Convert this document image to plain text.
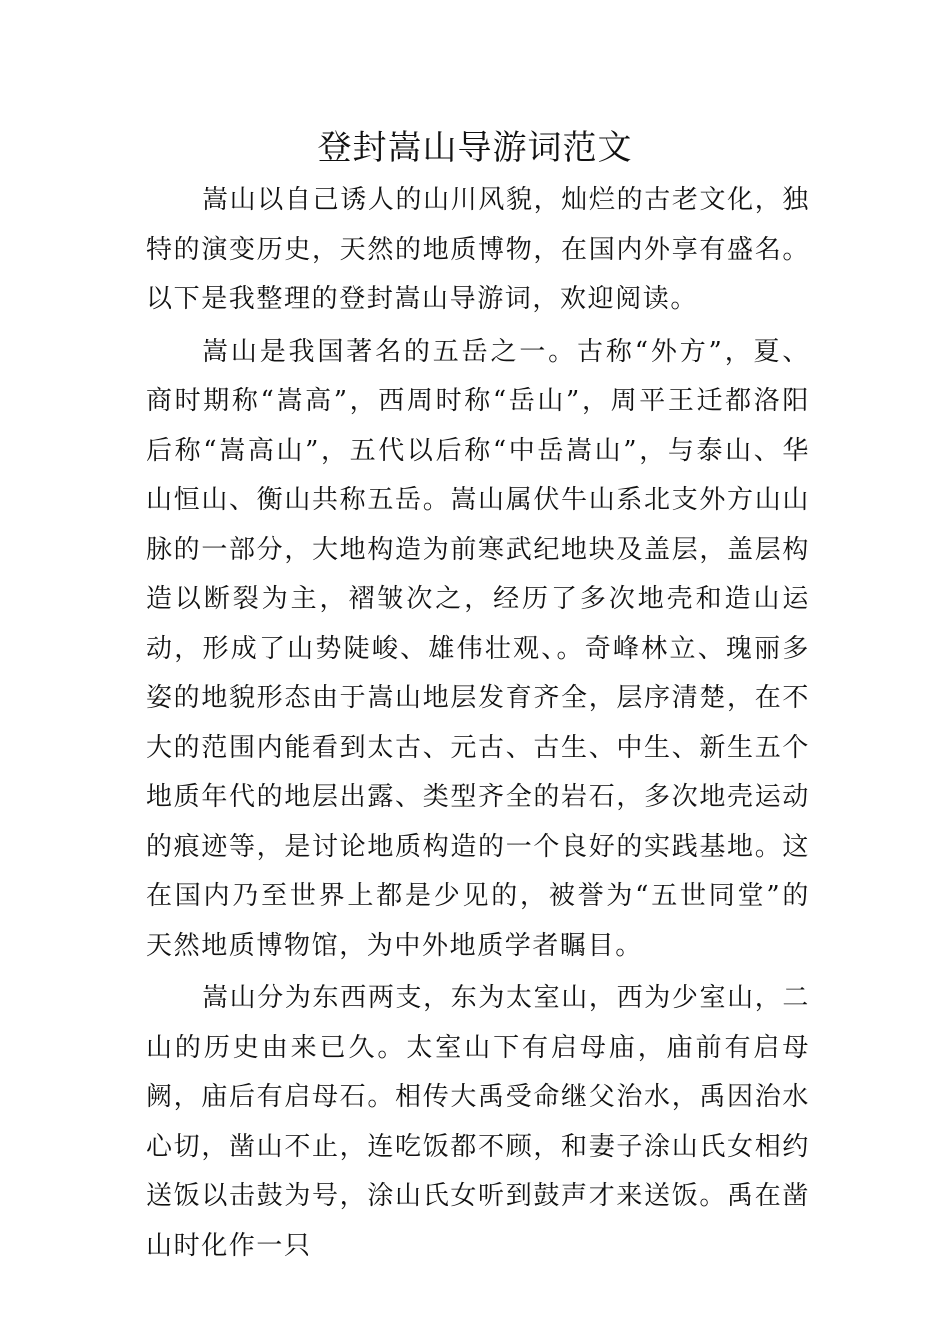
登封嵩山导游词范文

嵩山以自己诱人的山川风貌，灿烂的古老文化，独特的演变历史，天然的地质博物，在国内外享有盛名。以下是我整理的登封嵩山导游词，欢迎阅读。

嵩山是我国著名的五岳之一。古称“外方”，夏、商时期称“嵩高”，西周时称“岳山”，周平王迁都洛阳后称“嵩高山”，五代以后称“中岳嵩山”，与泰山、华山恒山、衡山共称五岳。嵩山属伏牛山系北支外方山山脉的一部分，大地构造为前寒武纪地块及盖层，盖层构造以断裂为主，褶皱次之，经历了多次地壳和造山运动，形成了山势陡峻、雄伟壮观、。奇峰林立、瑰丽多姿的地貌形态由于嵩山地层发育齐全，层序清楚，在不大的范围内能看到太古、元古、古生、中生、新生五个地质年代的地层出露、类型齐全的岩石，多次地壳运动的痕迹等，是讨论地质构造的一个良好的实践基地。这在国内乃至世界上都是少见的，被誉为“五世同堂”的天然地质博物馆，为中外地质学者瞩目。

嵩山分为东西两支，东为太室山，西为少室山，二山的历史由来已久。太室山下有启母庙，庙前有启母阙，庙后有启母石。相传大禹受命继父治水，禹因治水心切，凿山不止，连吃饭都不顾，和妻子涂山氏女相约送饭以击鼓为号，涂山氏女听到鼓声才来送饭。禹在凿山时化作一只
